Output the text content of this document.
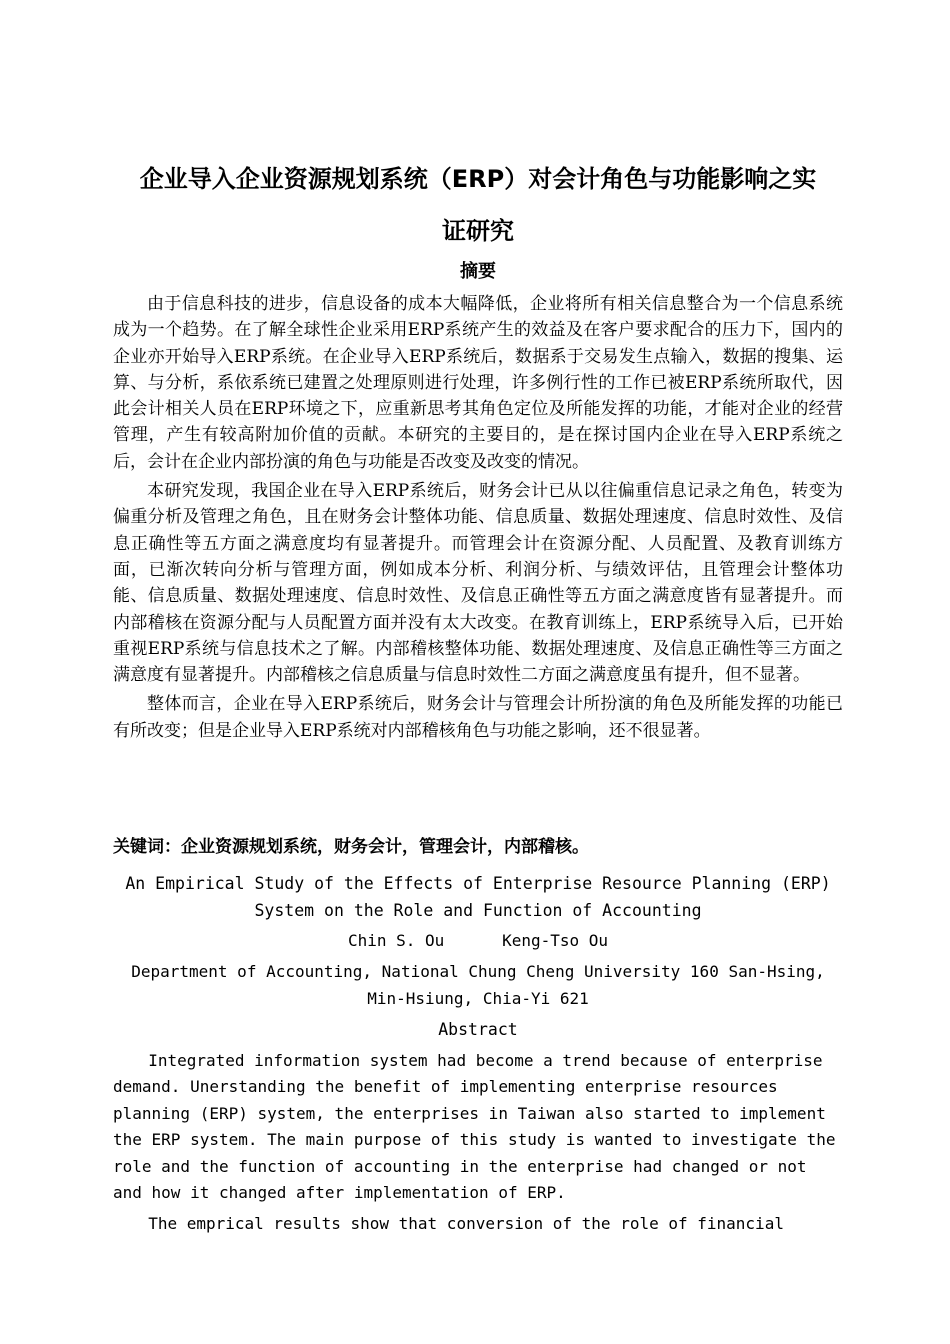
企业导入企业资源规划系统（ERP）对会计角色与功能影响之实
证研究
摘要

由于信息科技的进步，信息设备的成本大幅降低，企业将所有相关信息整合为一个信息系统成为一个趋势。在了解全球性企业采用ERP系统产生的效益及在客户要求配合的压力下，国内的企业亦开始导入ERP系统。在企业导入ERP系统后，数据系于交易发生点输入，数据的搜集、运算、与分析，系依系统已建置之处理原则进行处理，许多例行性的工作已被ERP系统所取代，因此会计相关人员在ERP环境之下，应重新思考其角色定位及所能发挥的功能，才能对企业的经营管理，产生有较高附加价值的贡献。本研究的主要目的，是在探讨国内企业在导入ERP系统之后，会计在企业内部扮演的角色与功能是否改变及改变的情况。

本研究发现，我国企业在导入ERP系统后，财务会计已从以往偏重信息记录之角色，转变为偏重分析及管理之角色，且在财务会计整体功能、信息质量、数据处理速度、信息时效性、及信息正确性等五方面之满意度均有显著提升。而管理会计在资源分配、人员配置、及教育训练方面，已渐次转向分析与管理方面，例如成本分析、利润分析、与绩效评估，且管理会计整体功能、信息质量、数据处理速度、信息时效性、及信息正确性等五方面之满意度皆有显著提升。而内部稽核在资源分配与人员配置方面并没有太大改变。在教育训练上，ERP系统导入后，已开始重视ERP系统与信息技术之了解。内部稽核整体功能、数据处理速度、及信息正确性等三方面之满意度有显著提升。内部稽核之信息质量与信息时效性二方面之满意度虽有提升，但不显著。

整体而言，企业在导入ERP系统后，财务会计与管理会计所扮演的角色及所能发挥的功能已有所改变；但是企业导入ERP系统对内部稽核角色与功能之影响，还不很显著。

关键词：企业资源规划系统，财务会计，管理会计，内部稽核。
An Empirical Study of the Effects of Enterprise Resource Planning (ERP)
System on the Role and Function of Accounting
Chin S. Ou      Keng-Tso Ou
Department of Accounting, National Chung Cheng University 160 San-Hsing, Min-Hsiung, Chia-Yi 621
Abstract

Integrated information system had become a trend because of enterprise demand. Unerstanding the benefit of implementing enterprise resources planning (ERP) system, the enterprises in Taiwan also started to implement the ERP system. The main purpose of this study is wanted to investigate the role and the function of accounting in the enterprise had changed or not and how it changed after implementation of ERP.

The emprical results show that conversion of the role of financial
